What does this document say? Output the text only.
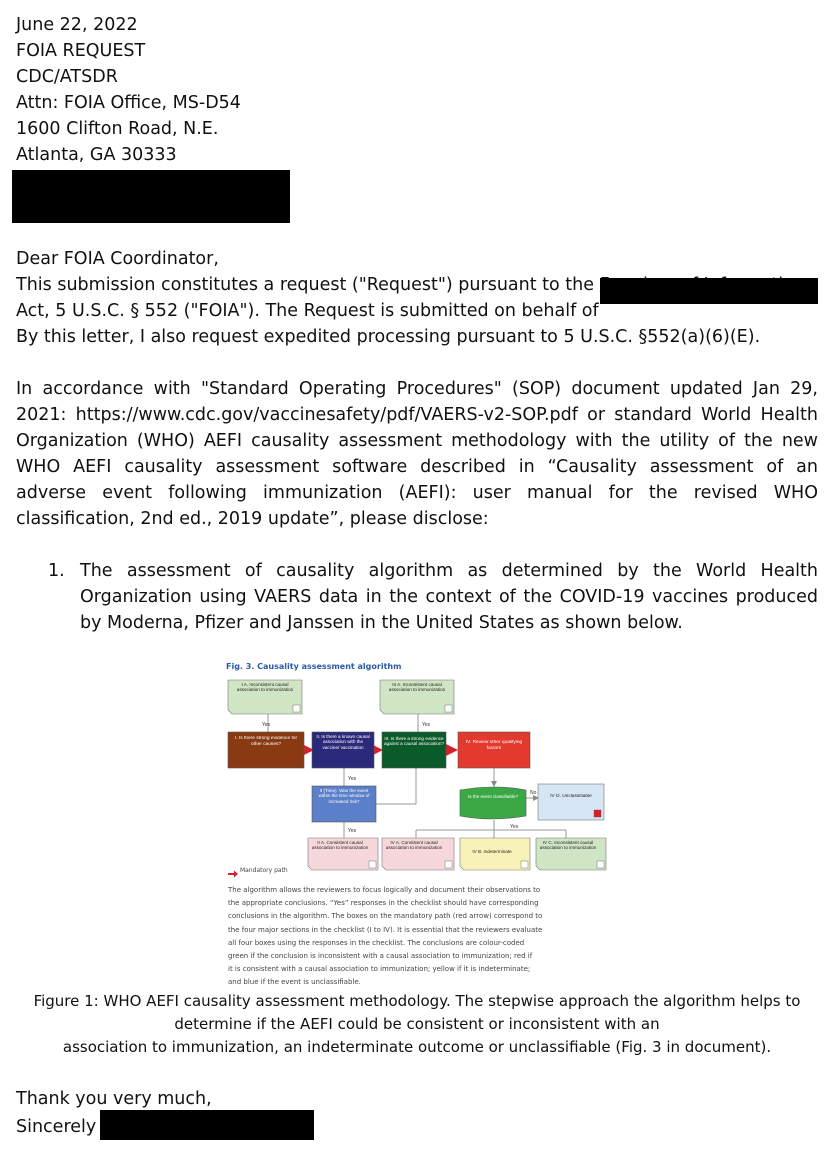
June 22, 2022
FOIA REQUEST
CDC/ATSDR
Attn: FOIA Office, MS-D54
1600 Clifton Road, N.E.
Atlanta, GA 30333
Dear FOIA Coordinator,
This submission constitutes a request ("Request") pursuant to the
Act, 5 U.S.C. § 552 ("FOIA"). The Request is submitted on behalf of
By this letter, I also request expedited processing pursuant to 5 U.S.C. §552(a)(6)(E).
In accordance with "Standard Operating Procedures" (SOP) document updated Jan 29, 2021: https://www.cdc.gov/vaccinesafety/pdf/VAERS-v2-SOP.pdf or standard World Health Organization (WHO) AEFI causality assessment methodology with the utility of the new WHO AEFI causality assessment software described in “Causality assessment of an adverse event following immunization (AEFI): user manual for the revised WHO classification, 2nd ed., 2019 update”, please disclose:
1. The assessment of causality algorithm as determined by the World Health Organization using VAERS data in the context of the COVID-19 vaccines produced by Moderna, Pfizer and Janssen in the United States as shown below.
Fig. 3. Causality assessment algorithm
Yes	Yes
Yes
Yes
Yes
No
I A. Inconsistent causal association to immunization
III A. Inconsistent causal association to immunization
I. Is there strong evidence for other causes?
II. Is there a known causal association with the vaccine/ vaccination
III. Is there a strong evidence against a causal association?	IV. Review other qualifying factors
II (Time). Was the event within the time window of increased risk?
Is the event classifiable?	IV D. Unclassifiable
II A. Consistent causal association to immunization
IV A. Consistent causal association to immunization
IV B. Indeterminate
IV C. Inconsistent causal association to immunization
Mandatory path
The algorithm allows the reviewers to focus logically and document their observations to
the appropriate conclusions. “Yes” responses in the checklist should have corresponding
conclusions in the algorithm. The boxes on the mandatory path (red arrow) correspond to
the four major sections in the checklist (I to IV). It is essential that the reviewers evaluate
all four boxes using the responses in the checklist. The conclusions are colour-coded
green if the conclusion is inconsistent with a causal association to immunization; red if
it is consistent with a causal association to immunization; yellow if it is indeterminate;
and blue if the event is unclassifiable.
Figure 1: WHO AEFI causality assessment methodology. The stepwise approach the algorithm helps to
determine if the AEFI could be consistent or inconsistent with an
association to immunization, an indeterminate outcome or unclassifiable (Fig. 3 in document).
Thank you very much,
Sincerely
